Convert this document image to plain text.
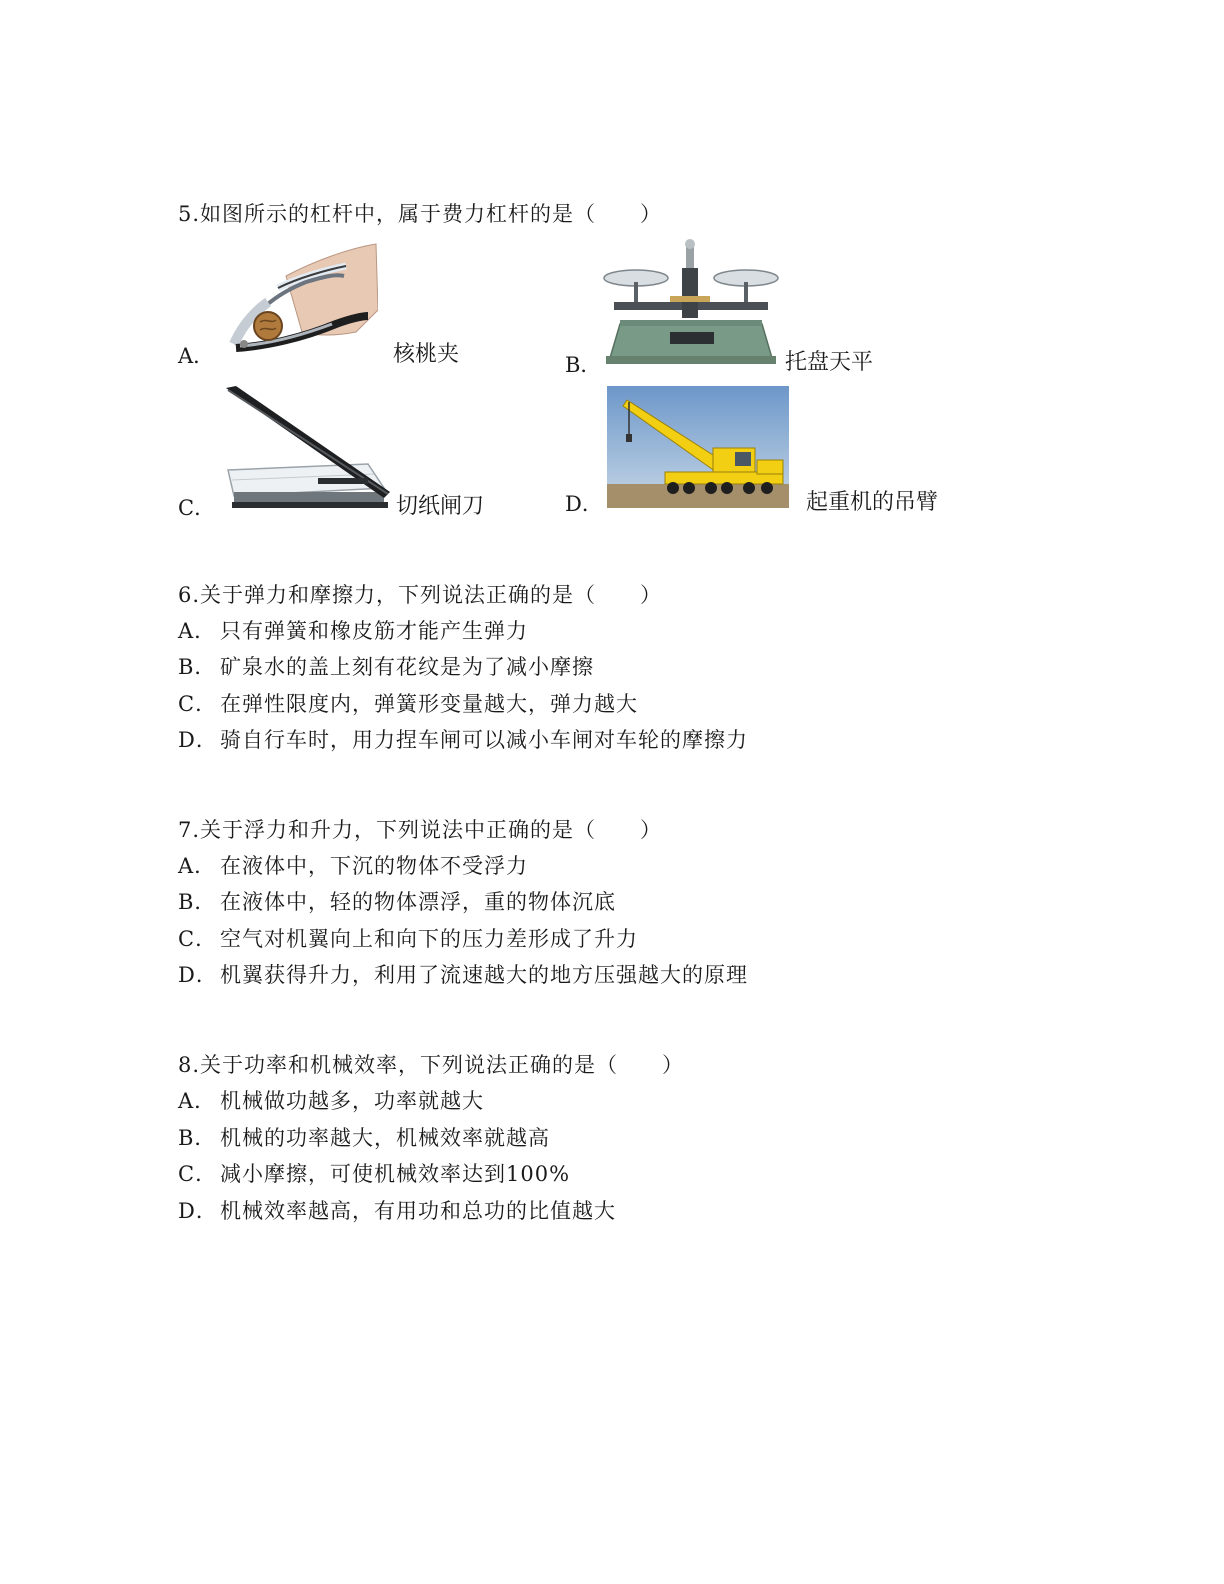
5.如图所示的杠杆中，属于费力杠杆的是（　　）
A．	核桃夹	B．	托盘天平
C．	切纸闸刀	D．	起重机的吊臂
6.关于弹力和摩擦力，下列说法正确的是（　　）
A． 只有弹簧和橡皮筋才能产生弹力
B． 矿泉水的盖上刻有花纹是为了减小摩擦
C． 在弹性限度内，弹簧形变量越大，弹力越大
D． 骑自行车时，用力捏车闸可以减小车闸对车轮的摩擦力
7.关于浮力和升力，下列说法中正确的是（　　）
A． 在液体中，下沉的物体不受浮力
B． 在液体中，轻的物体漂浮，重的物体沉底
C． 空气对机翼向上和向下的压力差形成了升力
D． 机翼获得升力，利用了流速越大的地方压强越大的原理
8.关于功率和机械效率，下列说法正确的是（　　）
A． 机械做功越多，功率就越大
B． 机械的功率越大，机械效率就越高
C． 减小摩擦，可使机械效率达到100%
D． 机械效率越高，有用功和总功的比值越大
